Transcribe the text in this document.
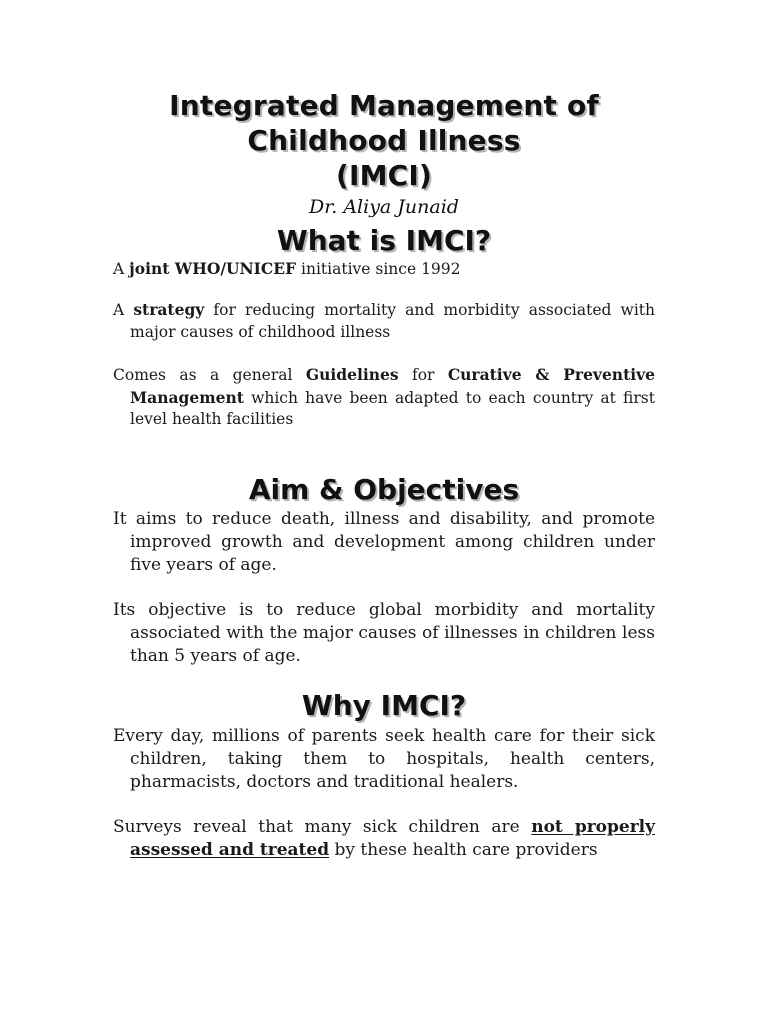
Integrated Management of
Childhood Illness
(IMCI)
Dr. Aliya Junaid
What is IMCI?
A joint WHO/UNICEF initiative since 1992
A strategy for reducing mortality and morbidity associated with major causes of childhood illness
Comes as a general Guidelines for Curative & Preventive Management which have been adapted to each country at first level health facilities
Aim & Objectives
It aims to reduce death, illness and disability, and promote improved growth and development among children under five years of age.
Its objective is to reduce global morbidity and mortality associated with the major causes of illnesses in children less than 5 years of age.
Why IMCI?
Every day, millions of parents seek health care for their sick children, taking them to hospitals, health centers, pharmacists, doctors and traditional healers.
Surveys reveal that many sick children are not properly assessed and treated by these health care providers
